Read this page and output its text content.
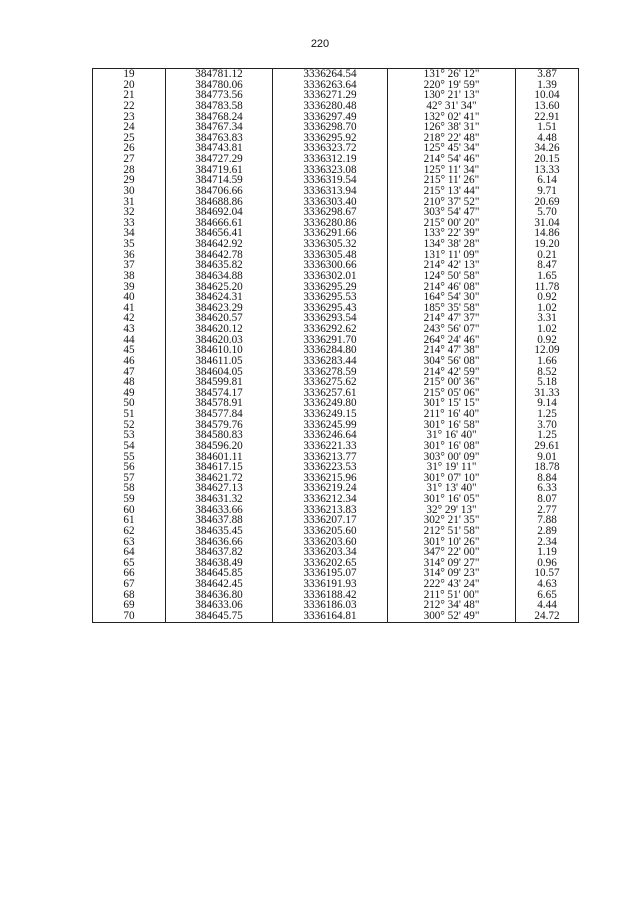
220
19	384781.12	3336264.54	131° 26' 12"	3.87
20	384780.06	3336263.64	220° 19' 59"	1.39
21	384773.56	3336271.29	130° 21' 13"	10.04
22	384783.58	3336280.48	42° 31' 34"	13.60
23	384768.24	3336297.49	132° 02' 41"	22.91
24	384767.34	3336298.70	126° 38' 31"	1.51
25	384763.83	3336295.92	218° 22' 48"	4.48
26	384743.81	3336323.72	125° 45' 34"	34.26
27	384727.29	3336312.19	214° 54' 46"	20.15
28	384719.61	3336323.08	125° 11' 34"	13.33
29	384714.59	3336319.54	215° 11' 26"	6.14
30	384706.66	3336313.94	215° 13' 44"	9.71
31	384688.86	3336303.40	210° 37' 52"	20.69
32	384692.04	3336298.67	303° 54' 47"	5.70
33	384666.61	3336280.86	215° 00' 20"	31.04
34	384656.41	3336291.66	133° 22' 39"	14.86
35	384642.92	3336305.32	134° 38' 28"	19.20
36	384642.78	3336305.48	131° 11' 09"	0.21
37	384635.82	3336300.66	214° 42' 13"	8.47
38	384634.88	3336302.01	124° 50' 58"	1.65
39	384625.20	3336295.29	214° 46' 08"	11.78
40	384624.31	3336295.53	164° 54' 30"	0.92
41	384623.29	3336295.43	185° 35' 58"	1.02
42	384620.57	3336293.54	214° 47' 37"	3.31
43	384620.12	3336292.62	243° 56' 07"	1.02
44	384620.03	3336291.70	264° 24' 46"	0.92
45	384610.10	3336284.80	214° 47' 38"	12.09
46	384611.05	3336283.44	304° 56' 08"	1.66
47	384604.05	3336278.59	214° 42' 59"	8.52
48	384599.81	3336275.62	215° 00' 36"	5.18
49	384574.17	3336257.61	215° 05' 06"	31.33
50	384578.91	3336249.80	301° 15' 15"	9.14
51	384577.84	3336249.15	211° 16' 40"	1.25
52	384579.76	3336245.99	301° 16' 58"	3.70
53	384580.83	3336246.64	31° 16' 40"	1.25
54	384596.20	3336221.33	301° 16' 08"	29.61
55	384601.11	3336213.77	303° 00' 09"	9.01
56	384617.15	3336223.53	31° 19' 11"	18.78
57	384621.72	3336215.96	301° 07' 10"	8.84
58	384627.13	3336219.24	31° 13' 40"	6.33
59	384631.32	3336212.34	301° 16' 05"	8.07
60	384633.66	3336213.83	32° 29' 13"	2.77
61	384637.88	3336207.17	302° 21' 35"	7.88
62	384635.45	3336205.60	212° 51' 58"	2.89
63	384636.66	3336203.60	301° 10' 26"	2.34
64	384637.82	3336203.34	347° 22' 00"	1.19
65	384638.49	3336202.65	314° 09' 27"	0.96
66	384645.85	3336195.07	314° 09' 23"	10.57
67	384642.45	3336191.93	222° 43' 24"	4.63
68	384636.80	3336188.42	211° 51' 00"	6.65
69	384633.06	3336186.03	212° 34' 48"	4.44
70	384645.75	3336164.81	300° 52' 49"	24.72
